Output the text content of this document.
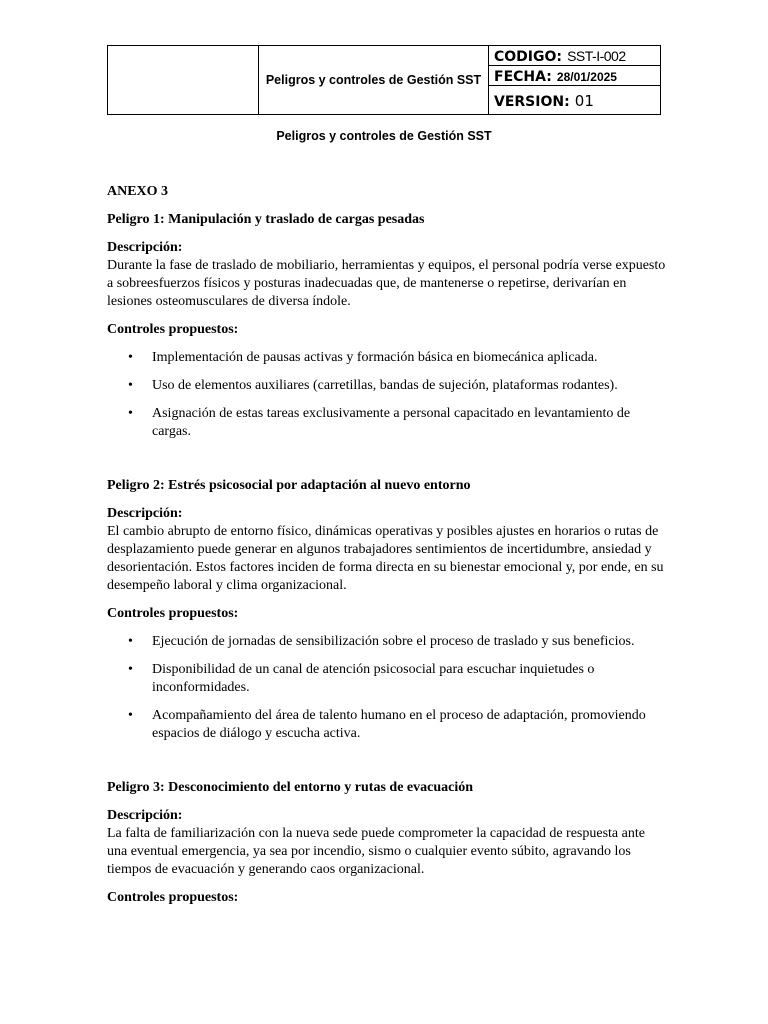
	Peligros y controles de Gestión SST	CODIGO: SST-I-002
FECHA: 28/01/2025
VERSION: 01
Peligros y controles de Gestión SST

ANEXO 3

Peligro 1: Manipulación y traslado de cargas pesadas

Descripción:

Durante la fase de traslado de mobiliario, herramientas y equipos, el personal podría verse expuesto a sobreesfuerzos físicos y posturas inadecuadas que, de mantenerse o repetirse, derivarían en lesiones osteomusculares de diversa índole.

Controles propuestos:

• Implementación de pausas activas y formación básica en biomecánica aplicada.
• Uso de elementos auxiliares (carretillas, bandas de sujeción, plataformas rodantes).
• Asignación de estas tareas exclusivamente a personal capacitado en levantamiento de cargas.

Peligro 2: Estrés psicosocial por adaptación al nuevo entorno

Descripción:

El cambio abrupto de entorno físico, dinámicas operativas y posibles ajustes en horarios o rutas de desplazamiento puede generar en algunos trabajadores sentimientos de incertidumbre, ansiedad y desorientación. Estos factores inciden de forma directa en su bienestar emocional y, por ende, en su desempeño laboral y clima organizacional.

Controles propuestos:

• Ejecución de jornadas de sensibilización sobre el proceso de traslado y sus beneficios.
• Disponibilidad de un canal de atención psicosocial para escuchar inquietudes o inconformidades.
• Acompañamiento del área de talento humano en el proceso de adaptación, promoviendo espacios de diálogo y escucha activa.

Peligro 3: Desconocimiento del entorno y rutas de evacuación

Descripción:

La falta de familiarización con la nueva sede puede comprometer la capacidad de respuesta ante una eventual emergencia, ya sea por incendio, sismo o cualquier evento súbito, agravando los tiempos de evacuación y generando caos organizacional.

Controles propuestos:
